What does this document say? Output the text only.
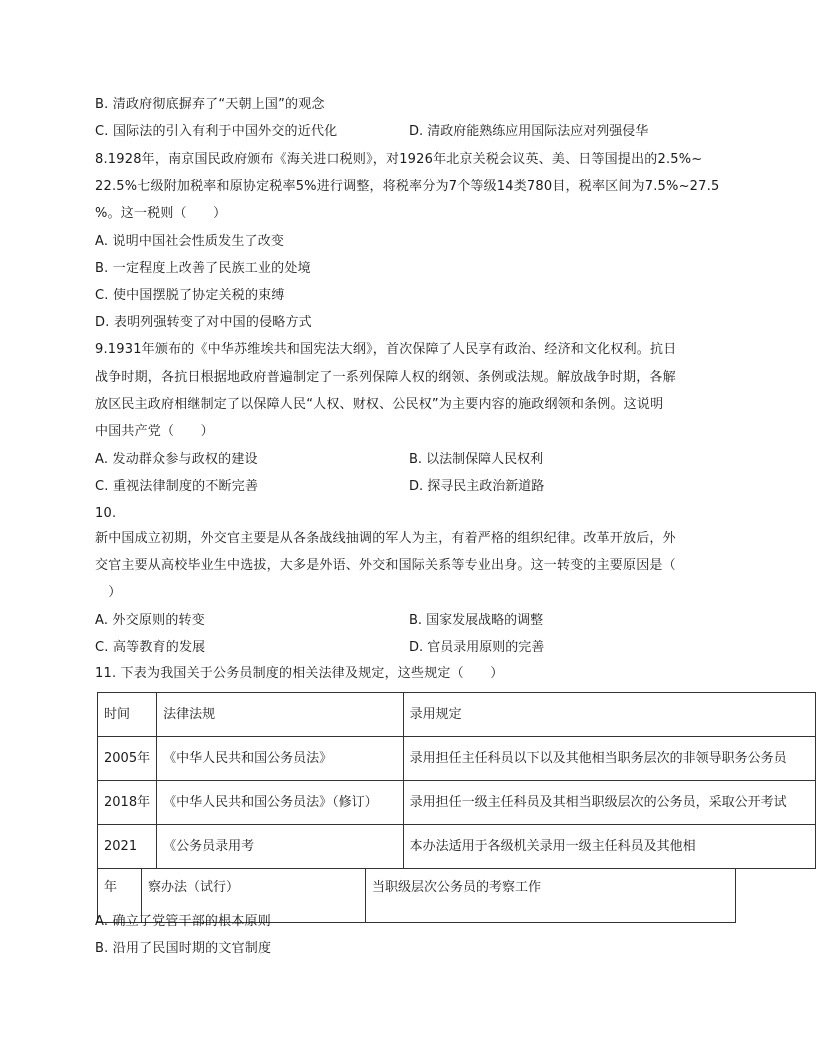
B. 清政府彻底摒弃了“天朝上国”的观念
C. 国际法的引入有利于中国外交的近代化	D. 清政府能熟练应用国际法应对列强侵华
8.1928年，南京国民政府颁布《海关进口税则》，对1926年北京关税会议英、美、日等国提出的2.5%~
22.5%七级附加税率和原协定税率5%进行调整，将税率分为7个等级14类780目，税率区间为7.5%~27.5
%。这一税则（　　）
A. 说明中国社会性质发生了改变
B. 一定程度上改善了民族工业的处境
C. 使中国摆脱了协定关税的束缚
D. 表明列强转变了对中国的侵略方式
9.1931年颁布的《中华苏维埃共和国宪法大纲》，首次保障了人民享有政治、经济和文化权利。抗日
战争时期，各抗日根据地政府普遍制定了一系列保障人权的纲领、条例或法规。解放战争时期，各解
放区民主政府相继制定了以保障人民“人权、财权、公民权”为主要内容的施政纲领和条例。这说明
中国共产党（　　）
A. 发动群众参与政权的建设	B. 以法制保障人民权利
C. 重视法律制度的不断完善	D. 探寻民主政治新道路
10.
新中国成立初期，外交官主要是从各条战线抽调的军人为主，有着严格的组织纪律。改革开放后，外
交官主要从高校毕业生中选拔，大多是外语、外交和国际关系等专业出身。这一转变的主要原因是（
　）
A. 外交原则的转变	B. 国家发展战略的调整
C. 高等教育的发展	D. 官员录用原则的完善
11. 下表为我国关于公务员制度的相关法律及规定，这些规定（　　）
时间	法律法规	录用规定
2005年	《中华人民共和国公务员法》	录用担任主任科员以下以及其他相当职务层次的非领导职务公务员
2018年	《中华人民共和国公务员法》（修订）	录用担任一级主任科员及其相当职级层次的公务员，采取公开考试
2021	《公务员录用考	本办法适用于各级机关录用一级主任科员及其他相
年	察办法（试行）	当职级层次公务员的考察工作
A. 确立了党管干部的根本原则
B. 沿用了民国时期的文官制度
